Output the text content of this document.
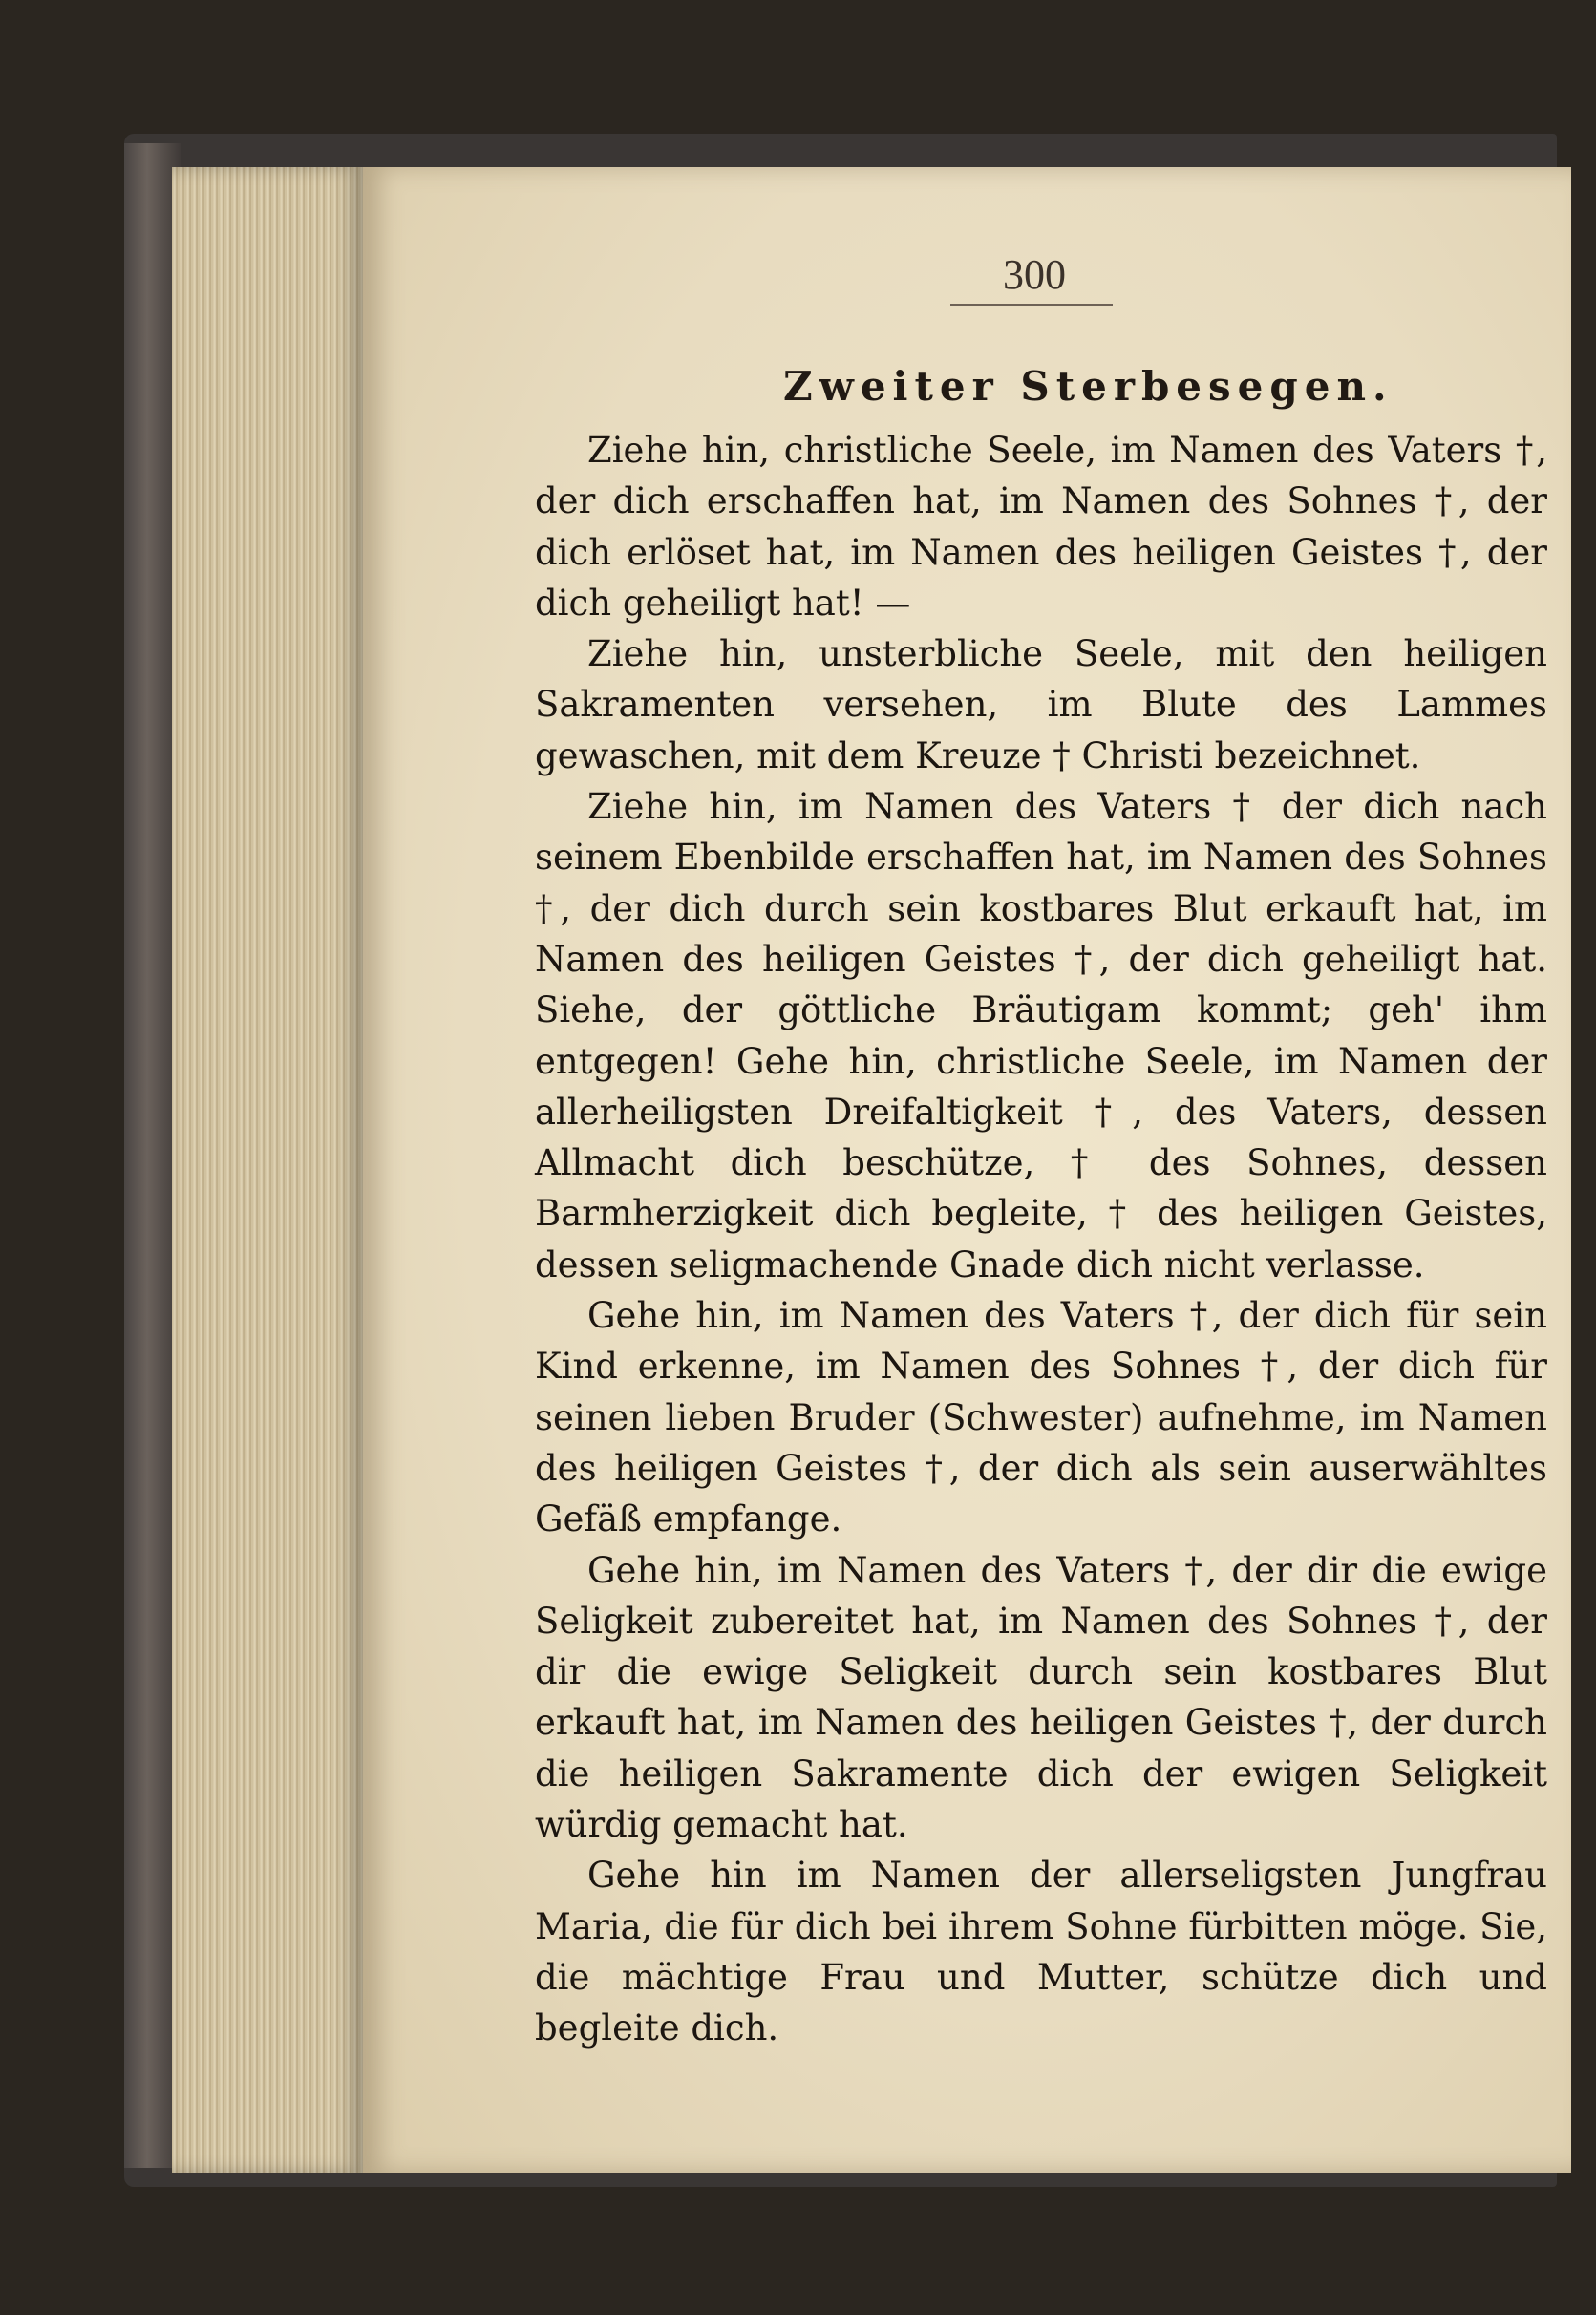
300
Zweiter Sterbesegen.

Ziehe hin, christliche Seele, im Namen des Vaters †, der dich erschaffen hat, im Namen des Sohnes †, der dich erlöset hat, im Namen des heiligen Geistes †, der dich geheiligt hat! —

Ziehe hin, unsterbliche Seele, mit den heiligen Sakramenten versehen, im Blute des Lammes gewaschen, mit dem Kreuze † Christi bezeichnet.

Ziehe hin, im Namen des Vaters † der dich nach seinem Ebenbilde erschaffen hat, im Namen des Sohnes †, der dich durch sein kostbares Blut erkauft hat, im Namen des heiligen Geistes †, der dich geheiligt hat. Siehe, der göttliche Bräutigam kommt; geh' ihm entgegen! Gehe hin, christliche Seele, im Namen der allerheiligsten Dreifaltigkeit †, des Vaters, dessen Allmacht dich beschütze, † des Sohnes, dessen Barmherzigkeit dich begleite, † des heiligen Geistes, dessen seligmachende Gnade dich nicht verlasse.

Gehe hin, im Namen des Vaters †, der dich für sein Kind erkenne, im Namen des Sohnes †, der dich für seinen lieben Bruder (Schwester) aufnehme, im Namen des heiligen Geistes †, der dich als sein auserwähltes Gefäß empfange.

Gehe hin, im Namen des Vaters †, der dir die ewige Seligkeit zubereitet hat, im Namen des Sohnes †, der dir die ewige Seligkeit durch sein kostbares Blut erkauft hat, im Namen des heiligen Geistes †, der durch die heiligen Sakramente dich der ewigen Seligkeit würdig gemacht hat.

Gehe hin im Namen der allerseligsten Jungfrau Maria, die für dich bei ihrem Sohne fürbitten möge. Sie, die mächtige Frau und Mutter, schütze dich und begleite dich.
